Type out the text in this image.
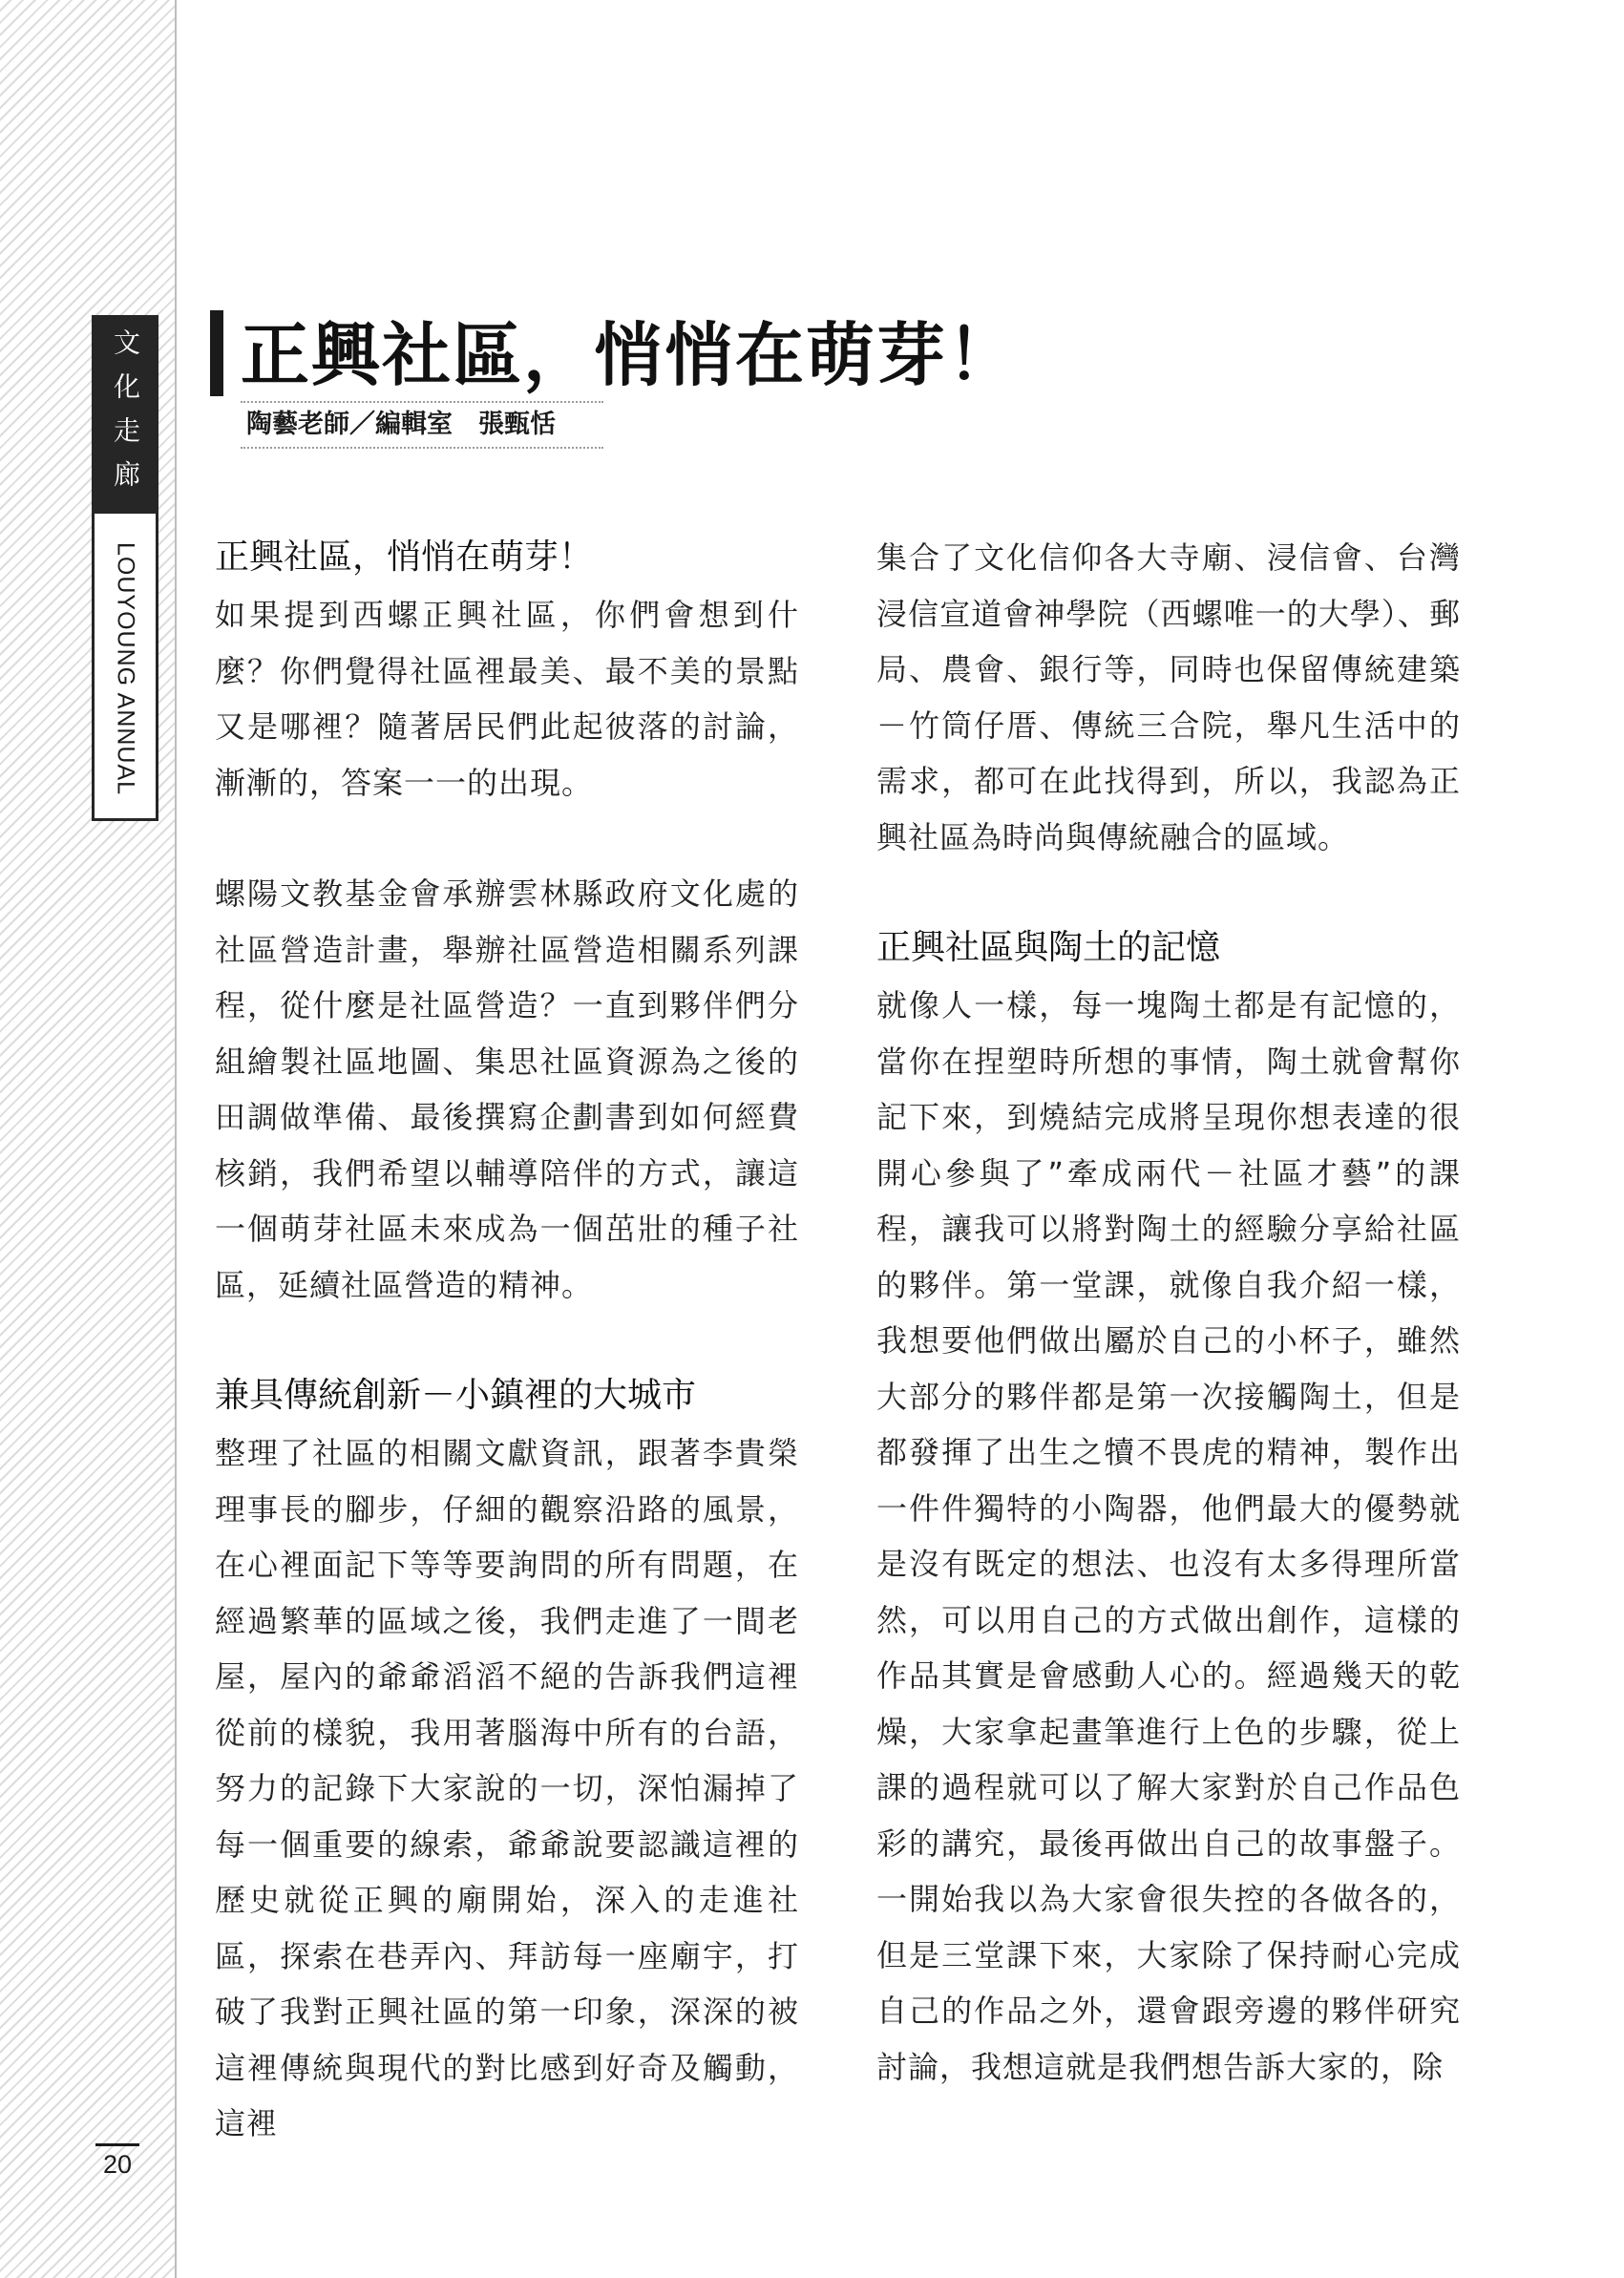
文化走廊
LOUYOUNG ANNUAL
20
正興社區，悄悄在萌芽！
陶藝老師／編輯室　張甄恬
正興社區，悄悄在萌芽！

如果提到西螺正興社區，你們會想到什麼？你們覺得社區裡最美、最不美的景點又是哪裡？隨著居民們此起彼落的討論，漸漸的，答案一一的出現。

螺陽文教基金會承辦雲林縣政府文化處的社區營造計畫，舉辦社區營造相關系列課程，從什麼是社區營造？一直到夥伴們分組繪製社區地圖、集思社區資源為之後的田調做準備、最後撰寫企劃書到如何經費核銷，我們希望以輔導陪伴的方式，讓這一個萌芽社區未來成為一個茁壯的種子社區，延續社區營造的精神。

兼具傳統創新－小鎮裡的大城市

整理了社區的相關文獻資訊，跟著李貴榮理事長的腳步，仔細的觀察沿路的風景，在心裡面記下等等要詢問的所有問題，在經過繁華的區域之後，我們走進了一間老屋，屋內的爺爺滔滔不絕的告訴我們這裡從前的樣貌，我用著腦海中所有的台語，努力的記錄下大家說的一切，深怕漏掉了每一個重要的線索，爺爺說要認識這裡的歷史就從正興的廟開始，深入的走進社區，探索在巷弄內、拜訪每一座廟宇，打破了我對正興社區的第一印象，深深的被這裡傳統與現代的對比感到好奇及觸動，這裡

集合了文化信仰各大寺廟、浸信會、台灣浸信宣道會神學院（西螺唯一的大學）、郵局、農會、銀行等，同時也保留傳統建築－竹筒仔厝、傳統三合院，舉凡生活中的需求，都可在此找得到，所以，我認為正興社區為時尚與傳統融合的區域。

正興社區與陶土的記憶

就像人一樣，每一塊陶土都是有記憶的，當你在捏塑時所想的事情，陶土就會幫你記下來，到燒結完成將呈現你想表達的很開心參與了”牽成兩代－社區才藝”的課程，讓我可以將對陶土的經驗分享給社區的夥伴。第一堂課，就像自我介紹一樣，我想要他們做出屬於自己的小杯子，雖然大部分的夥伴都是第一次接觸陶土，但是都發揮了出生之犢不畏虎的精神，製作出一件件獨特的小陶器，他們最大的優勢就是沒有既定的想法、也沒有太多得理所當然，可以用自己的方式做出創作，這樣的作品其實是會感動人心的。經過幾天的乾燥，大家拿起畫筆進行上色的步驟，從上課的過程就可以了解大家對於自己作品色彩的講究，最後再做出自己的故事盤子。一開始我以為大家會很失控的各做各的，但是三堂課下來，大家除了保持耐心完成自己的作品之外，還會跟旁邊的夥伴研究討論，我想這就是我們想告訴大家的，除
